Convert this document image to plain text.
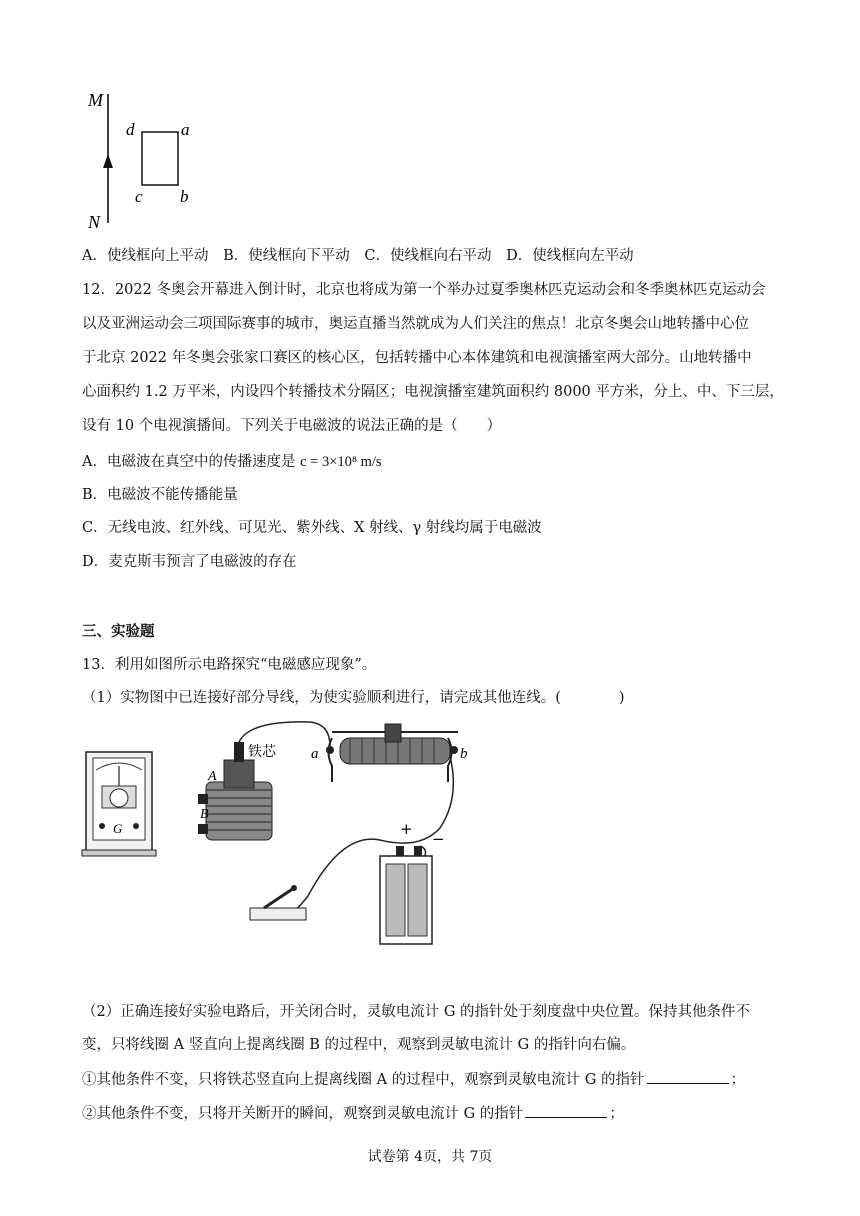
M
N
d	a
c b
A．使线框向上平动 B．使线框向下平动 C．使线框向右平动 D．使线框向左平动
12．2022 冬奥会开幕进入倒计时，北京也将成为第一个举办过夏季奥林匹克运动会和冬季奥林匹克运动会
以及亚洲运动会三项国际赛事的城市，奥运直播当然就成为人们关注的焦点！北京冬奥会山地转播中心位
于北京 2022 年冬奥会张家口赛区的核心区，包括转播中心本体建筑和电视演播室两大部分。山地转播中
心面积约 1.2 万平米，内设四个转播技术分隔区；电视演播室建筑面积约 8000 平方米，分上、中、下三层，
设有 10 个电视演播间。下列关于电磁波的说法正确的是（　　）
A．电磁波在真空中的传播速度是 c = 3×10⁸ m/s
B．电磁波不能传播能量
C．无线电波、红外线、可见光、紫外线、X 射线、γ 射线均属于电磁波
D．麦克斯韦预言了电磁波的存在
三、实验题
13．利用如图所示电路探究“电磁感应现象”。
（1）实物图中已连接好部分导线，为使实验顺利进行，请完成其他连线。(　　　　)
G
A
B
铁芯 a	b
+
−
（2）正确连接好实验电路后，开关闭合时，灵敏电流计 G 的指针处于刻度盘中央位置。保持其他条件不
变，只将线圈 A 竖直向上提离线圈 B 的过程中，观察到灵敏电流计 G 的指针向右偏。
①其他条件不变，只将铁芯竖直向上提离线圈 A 的过程中，观察到灵敏电流计 G 的指针	；
②其他条件不变，只将开关断开的瞬间，观察到灵敏电流计 G 的指针	；
试卷第 4页，共 7页
